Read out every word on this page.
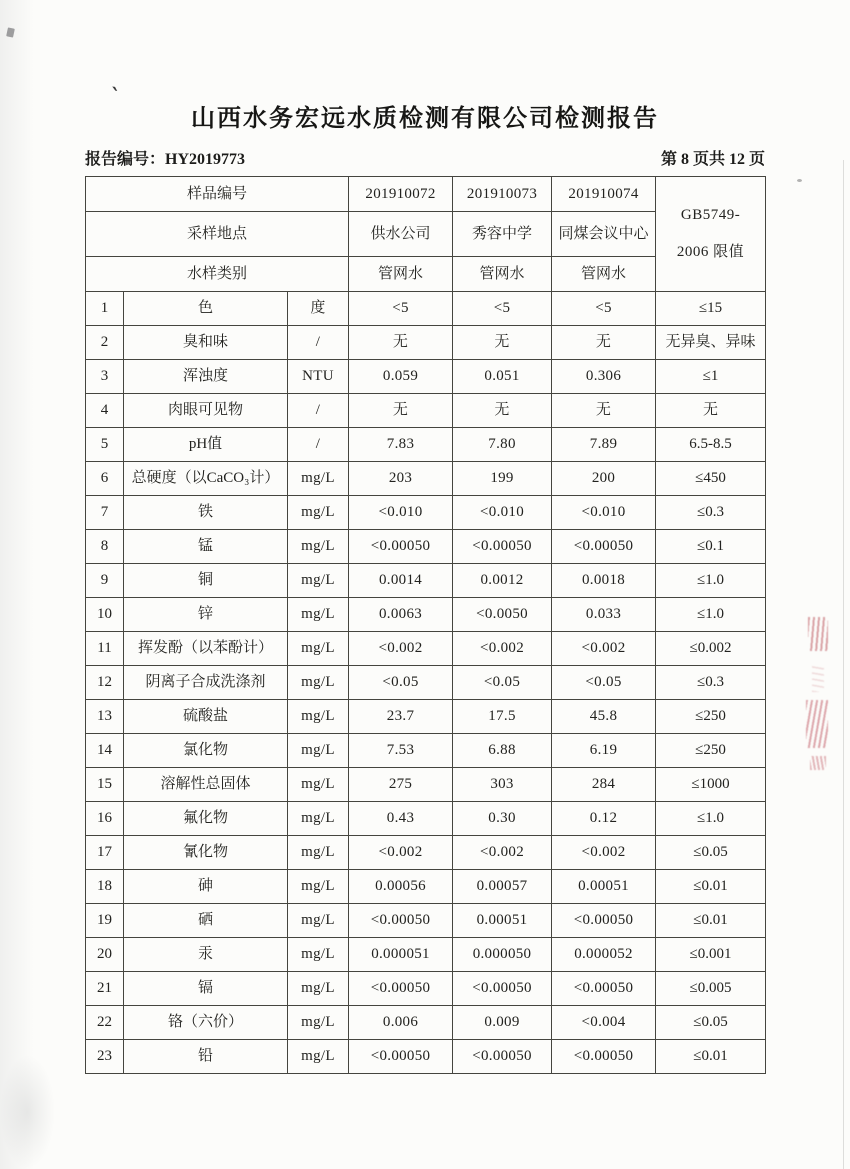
`
山西水务宏远水质检测有限公司检测报告
报告编号：HY2019773	第 8 页共 12 页
样品编号			201910072	201910073	201910074	GB5749-
2006 限值

采样地点			供水公司	秀容中学	同煤会议中心	
水样类别			管网水	管网水	管网水	
1	色	度	<5	<5	<5	≤15
2	臭和味	/	无	无	无	无异臭、异味
3	浑浊度	NTU	0.059	0.051	0.306	≤1
4	肉眼可见物	/	无	无	无	无
5	pH值	/	7.83	7.80	7.89	6.5-8.5
6	总硬度（以CaCO₃计）	mg/L	203	199	200	≤450
7	铁	mg/L	<0.010	<0.010	<0.010	≤0.3
8	锰	mg/L	<0.00050	<0.00050	<0.00050	≤0.1
9	铜	mg/L	0.0014	0.0012	0.0018	≤1.0
10	锌	mg/L	0.0063	<0.0050	0.033	≤1.0
11	挥发酚（以苯酚计）	mg/L	<0.002	<0.002	<0.002	≤0.002
12	阴离子合成洗涤剂	mg/L	<0.05	<0.05	<0.05	≤0.3
13	硫酸盐	mg/L	23.7	17.5	45.8	≤250
14	氯化物	mg/L	7.53	6.88	6.19	≤250
15	溶解性总固体	mg/L	275	303	284	≤1000
16	氟化物	mg/L	0.43	0.30	0.12	≤1.0
17	氰化物	mg/L	<0.002	<0.002	<0.002	≤0.05
18	砷	mg/L	0.00056	0.00057	0.00051	≤0.01
19	硒	mg/L	<0.00050	0.00051	<0.00050	≤0.01
20	汞	mg/L	0.000051	0.000050	0.000052	≤0.001
21	镉	mg/L	<0.00050	<0.00050	<0.00050	≤0.005
22	铬（六价）	mg/L	0.006	0.009	<0.004	≤0.05
23	铅	mg/L	<0.00050	<0.00050	<0.00050	≤0.01
